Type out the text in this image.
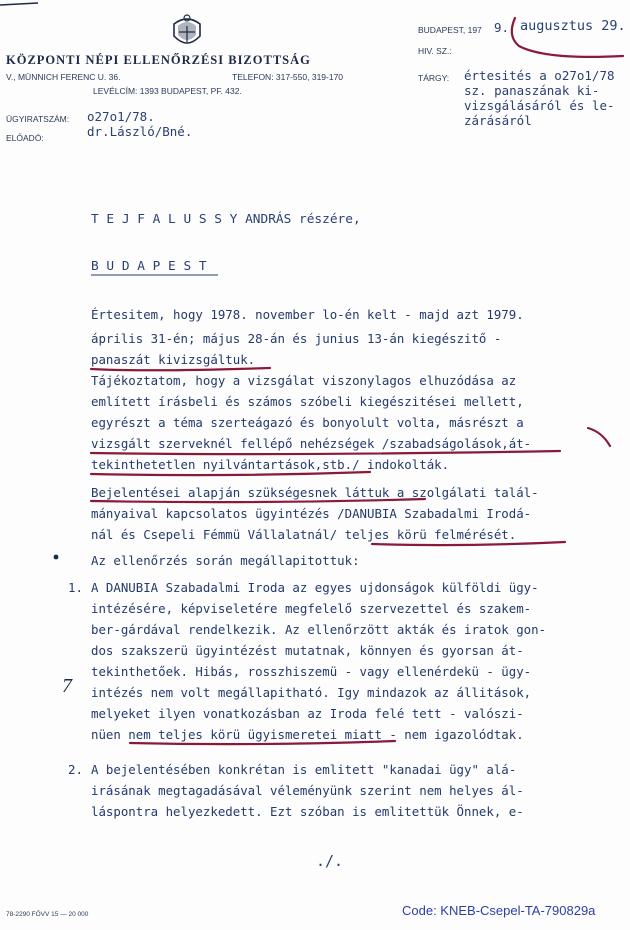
KÖZPONTI NÉPI ELLENŐRZÉSI BIZOTTSÁG
V., MÜNNICH FERENC U. 36.	TELEFON: 317-550, 319-170
LEVÉLCÍM: 1393 BUDAPEST, PF. 432.
ÜGYIRATSZÁM: o27o1/78.
ELŐADÓ:	dr.László/Bné.
BUDAPEST, 197 9. augusztus 29.
HIV. SZ.:
TÁRGY: értesités a o27o1/78
sz. panaszának ki-
vizsgálásáról és le-
zárásáról
T E J F A L U S S Y ANDRÁS részére,
B U D A P E S T
Értesitem, hogy 1978. november lo-én kelt - majd azt 1979.
április 31-én; május 28-án és junius 13-án kiegészitő -
panaszát kivizsgáltuk.
Tájékoztatom, hogy a vizsgálat viszonylagos elhuzódása az
említett írásbeli és számos szóbeli kiegészitései mellett,
egyrészt a téma szerteágazó és bonyolult volta, másrészt a
vizsgált szerveknél fellépő nehézségek /szabadságolások,át-
tekinthetetlen nyilvántartások,stb./ indokolták.
Bejelentései alapján szükségesnek láttuk a szolgálati talál-
mányaival kapcsolatos ügyintézés /DANUBIA Szabadalmi Irodá-
nál és Csepeli Fémmü Vállalatnál/ teljes körü felmérését.
Az ellenőrzés során megállapitottuk:
1. A DANUBIA Szabadalmi Iroda az egyes ujdonságok külföldi ügy-
intézésére, képviseletére megfelelő szervezettel és szakem-
ber-gárdával rendelkezik. Az ellenőrzött akták és iratok gon-
dos szakszerü ügyintézést mutatnak, könnyen és gyorsan át-
tekinthetőek. Hibás, rosszhiszemü - vagy ellenérdekü - ügy-
intézés nem volt megállapitható. Igy mindazok az állitások,
melyeket ilyen vonatkozásban az Iroda felé tett - valószi-
nüen nem teljes körü ügyismeretei miatt - nem igazolódtak.
7
2. A bejelentésében konkrétan is emlitett "kanadai ügy" alá-
irásának megtagadásával véleményünk szerint nem helyes ál-
láspontra helyezkedett. Ezt szóban is emlitettük Önnek, e-
./.
78-2290 FŐVV 15 — 20 000	Code: KNEB-Csepel-TA-790829a
